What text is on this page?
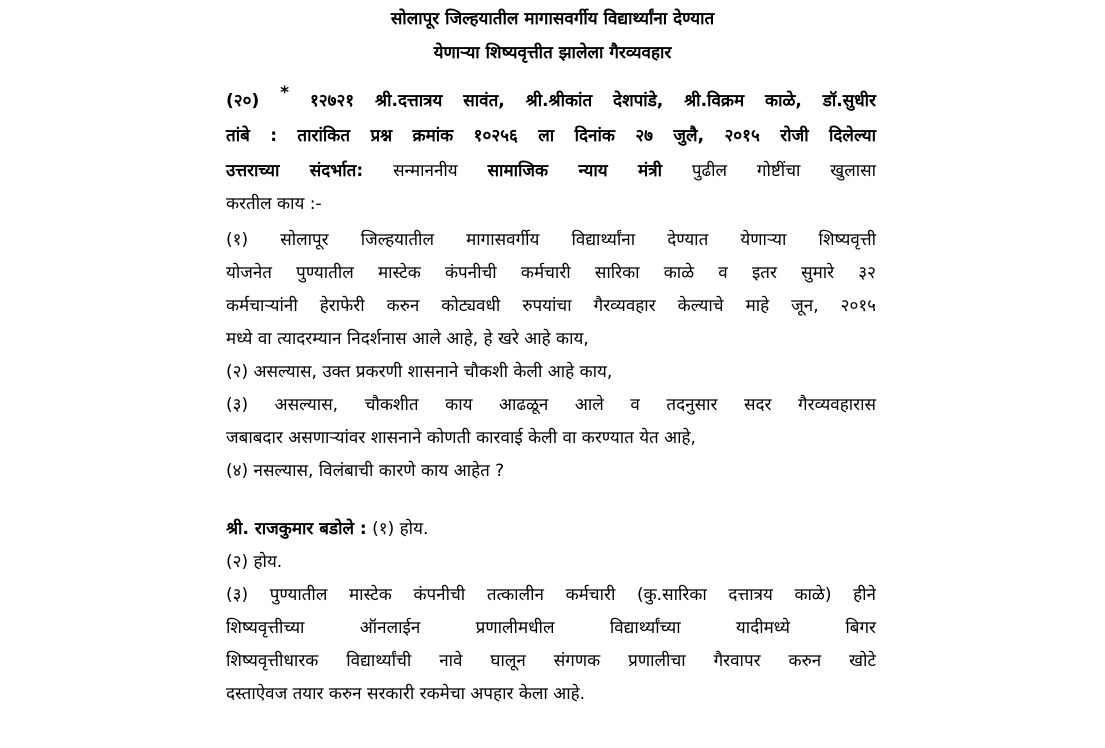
सोलापूर जिल्हयातील मागासवर्गीय विद्यार्थ्यांना देण्यात
येणाऱ्या शिष्यवृत्तीत झालेला गैरव्यवहार
(२०) * १२७२१ श्री.दत्तात्रय सावंत, श्री.श्रीकांत देशपांडे, श्री.विक्रम काळे, डॉ.सुधीर
तांबे : तारांकित प्रश्न क्रमांक १०२५६ ला दिनांक २७ जुलै, २०१५ रोजी दिलेल्या
उत्तराच्या संदर्भात: सन्माननीय सामाजिक न्याय मंत्री पुढील गोष्टींचा खुलासा
करतील काय :-
(१) सोलापूर जिल्हयातील मागासवर्गीय विद्यार्थ्यांना देण्यात येणाऱ्या शिष्यवृत्ती
योजनेत पुण्यातील मास्टेक कंपनीची कर्मचारी सारिका काळे व इतर सुमारे ३२
कर्मचाऱ्यांनी हेराफेरी करुन कोट्यवधी रुपयांचा गैरव्यवहार केल्याचे माहे जून, २०१५
मध्ये वा त्यादरम्यान निदर्शनास आले आहे, हे खरे आहे काय,
(२) असल्यास, उक्त प्रकरणी शासनाने चौकशी केली आहे काय,
(३) असल्यास, चौकशीत काय आढळून आले व तदनुसार सदर गैरव्यवहारास
जबाबदार असणाऱ्यांवर शासनाने कोणती कारवाई केली वा करण्यात येत आहे,
(४) नसल्यास, विलंबाची कारणे काय आहेत ?
श्री. राजकुमार बडोले : (१) होय.
(२) होय.
(३) पुण्यातील मास्टेक कंपनीची तत्कालीन कर्मचारी (कु.सारिका दत्तात्रय काळे) हीने
शिष्यवृत्तीच्या ऑनलाईन प्रणालीमधील विद्यार्थ्यांच्या यादीमध्ये बिगर
शिष्यवृत्तीधारक विद्यार्थ्यांची नावे घालून संगणक प्रणालीचा गैरवापर करुन खोटे
दस्ताऐवज तयार करुन सरकारी रकमेचा अपहार केला आहे.
